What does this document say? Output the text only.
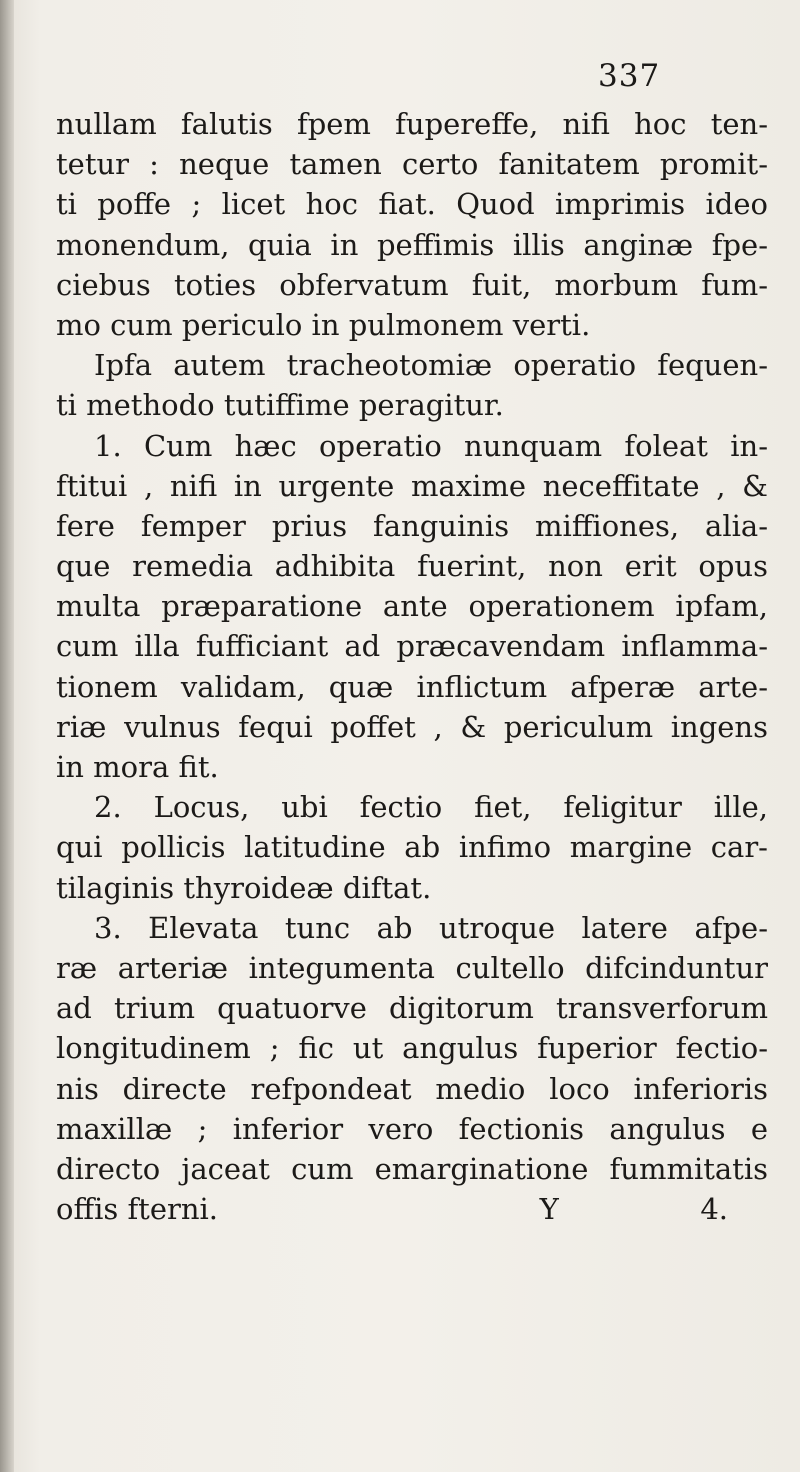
337
nullam falutis fpem fupereffe, nifi hoc ten-
tetur : neque tamen certo fanitatem promit-
ti poffe ; licet hoc fiat. Quod imprimis ideo
monendum, quia in peffimis illis anginæ fpe-
ciebus toties obfervatum fuit, morbum fum-
mo cum periculo in pulmonem verti.
Ipfa autem tracheotomiæ operatio fequen-
ti methodo tutiffime peragitur.
1. Cum hæc operatio nunquam foleat in-
ftitui , nifi in urgente maxime neceffitate , &
fere femper prius fanguinis miffiones, alia-
que remedia adhibita fuerint, non erit opus
multa præparatione ante operationem ipfam,
cum illa fufficiant ad præcavendam inflamma-
tionem validam, quæ inflictum afperæ arte-
riæ vulnus fequi poffet , & periculum ingens
in mora fit.
2. Locus, ubi fectio fiet, feligitur ille,
qui pollicis latitudine ab infimo margine car-
tilaginis thyroideæ diftat.
3. Elevata tunc ab utroque latere afpe-
ræ arteriæ integumenta cultello difcinduntur
ad trium quatuorve digitorum transverforum
longitudinem ; fic ut angulus fuperior fectio-
nis directe refpondeat medio loco inferioris
maxillæ ; inferior vero fectionis angulus e
directo jaceat cum emarginatione fummitatis
offis fterni.	Y	4.
